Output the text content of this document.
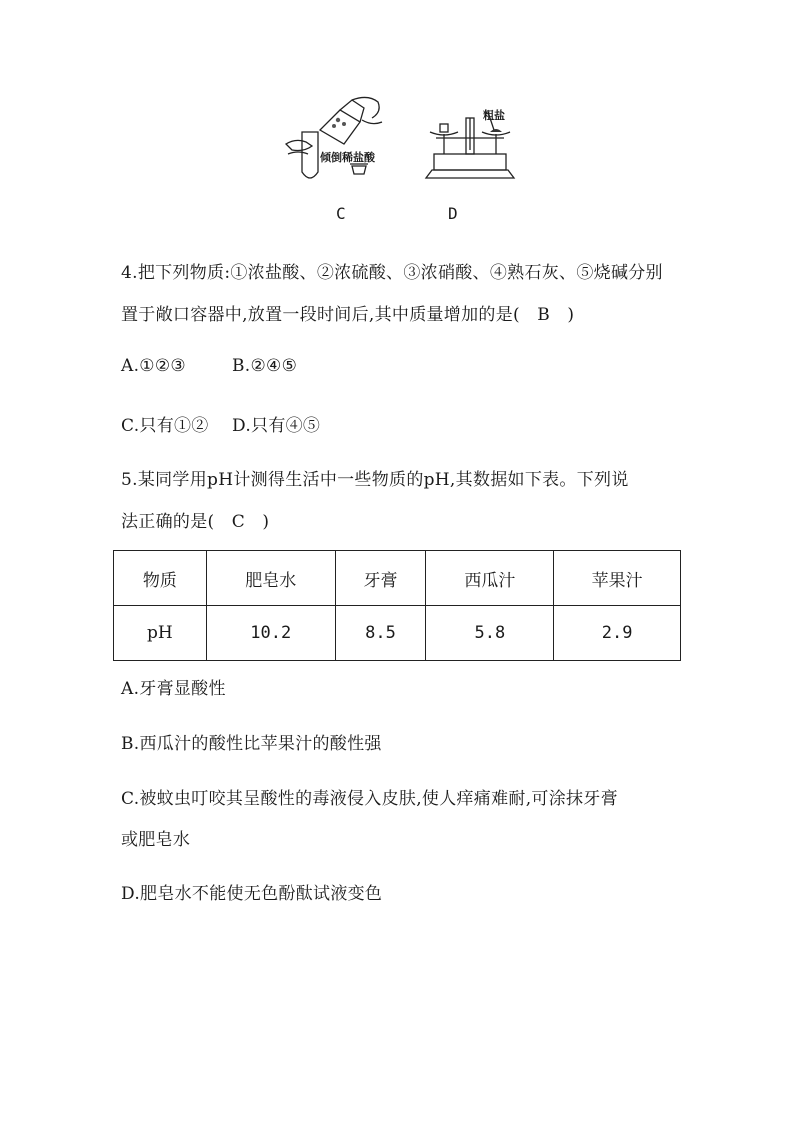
倾倒稀盐酸
粗盐
C	D
4.把下列物质:①浓盐酸、②浓硫酸、③浓硝酸、④熟石灰、⑤烧碱分别
置于敞口容器中,放置一段时间后,其中质量增加的是(　B　)
A.①②③	B.②④⑤
C.只有①② D.只有④⑤
5.某同学用pH计测得生活中一些物质的pH,其数据如下表。下列说
法正确的是(　C　)
物质	肥皂水	牙膏	西瓜汁	苹果汁
pH	10.2	8.5	5.8	2.9
A.牙膏显酸性
B.西瓜汁的酸性比苹果汁的酸性强
C.被蚊虫叮咬其呈酸性的毒液侵入皮肤,使人痒痛难耐,可涂抹牙膏
或肥皂水
D.肥皂水不能使无色酚酞试液变色
